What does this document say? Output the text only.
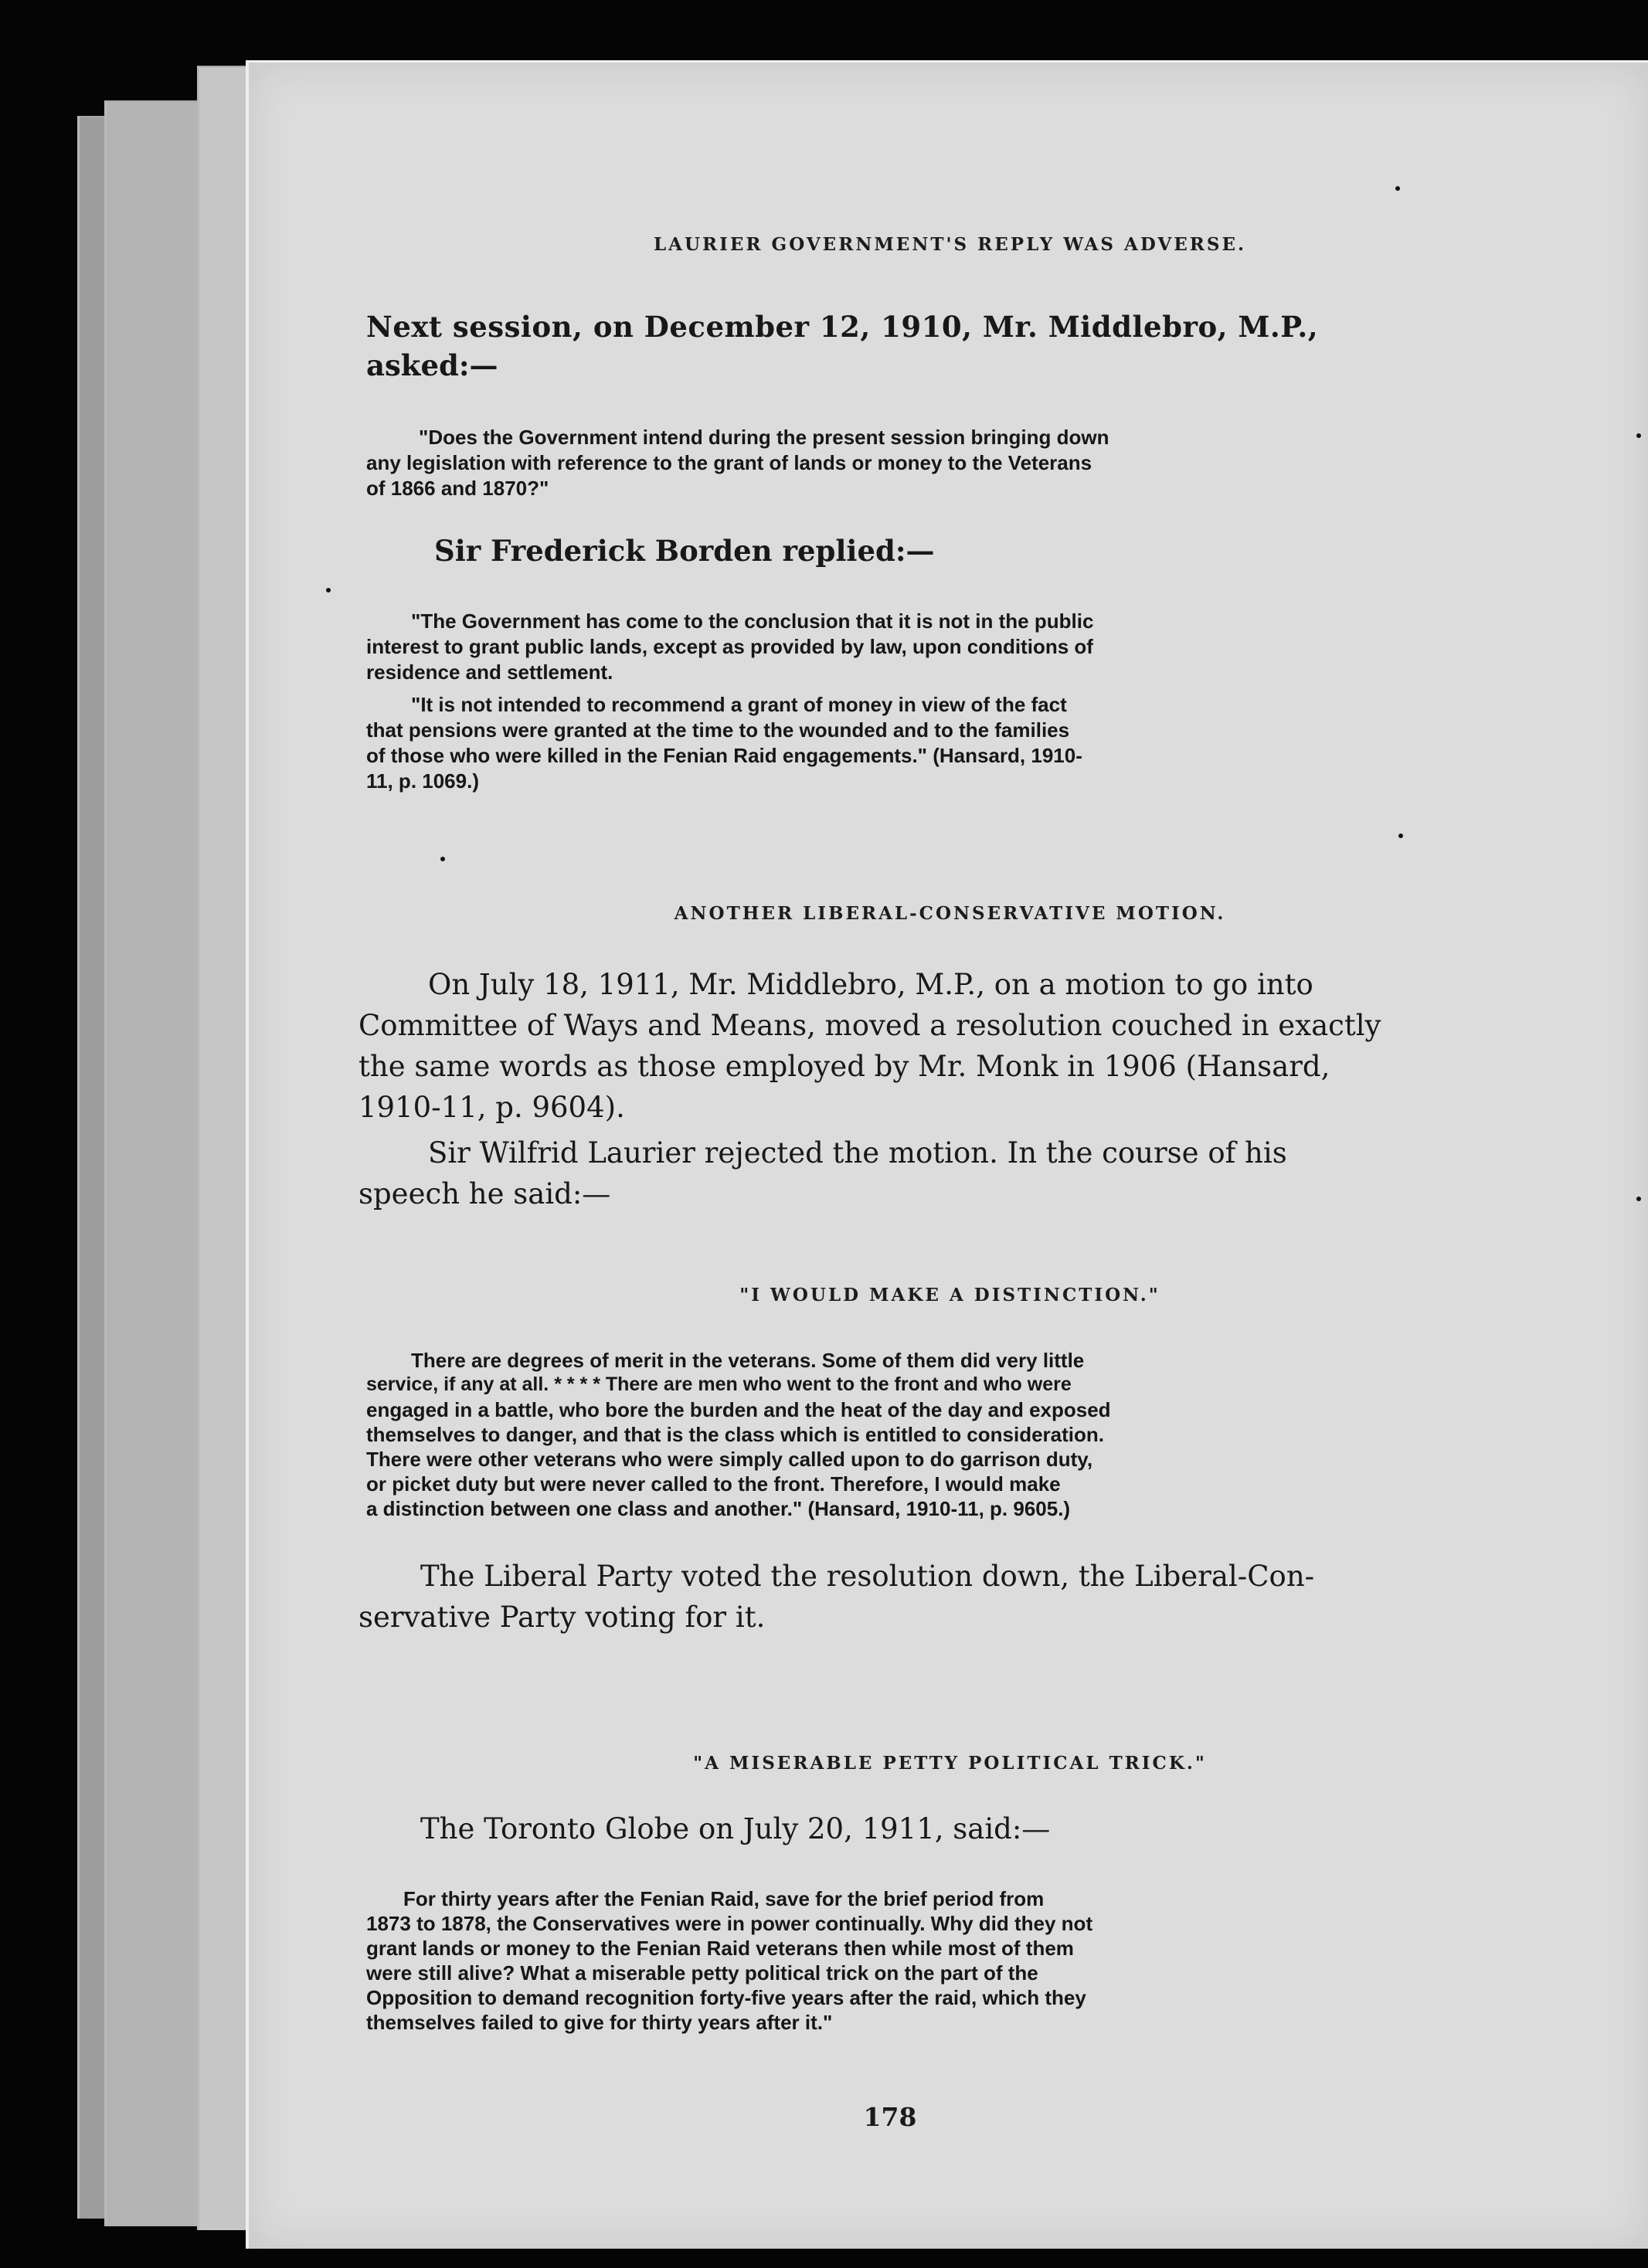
LAURIER GOVERNMENT'S REPLY WAS ADVERSE.
Next session, on December 12, 1910, Mr. Middlebro, M.P.,
asked:—
"Does the Government intend during the present session bringing down
any legislation with reference to the grant of lands or money to the Veterans
of 1866 and 1870?"
Sir Frederick Borden replied:—
"The Government has come to the conclusion that it is not in the public
interest to grant public lands, except as provided by law, upon conditions of
residence and settlement.
"It is not intended to recommend a grant of money in view of the fact
that pensions were granted at the time to the wounded and to the families
of those who were killed in the Fenian Raid engagements." (Hansard, 1910-
11, p. 1069.)
ANOTHER LIBERAL-CONSERVATIVE MOTION.
On July 18, 1911, Mr. Middlebro, M.P., on a motion to go into
Committee of Ways and Means, moved a resolution couched in exactly
the same words as those employed by Mr. Monk in 1906 (Hansard,
1910-11, p. 9604).
Sir Wilfrid Laurier rejected the motion. In the course of his
speech he said:—
"I WOULD MAKE A DISTINCTION."
There are degrees of merit in the veterans. Some of them did very little
service, if any at all. * * * * There are men who went to the front and who were
engaged in a battle, who bore the burden and the heat of the day and exposed
themselves to danger, and that is the class which is entitled to consideration.
There were other veterans who were simply called upon to do garrison duty,
or picket duty but were never called to the front. Therefore, I would make
a distinction between one class and another." (Hansard, 1910-11, p. 9605.)
The Liberal Party voted the resolution down, the Liberal-Con-
servative Party voting for it.
"A MISERABLE PETTY POLITICAL TRICK."
The Toronto Globe on July 20, 1911, said:—
For thirty years after the Fenian Raid, save for the brief period from
1873 to 1878, the Conservatives were in power continually. Why did they not
grant lands or money to the Fenian Raid veterans then while most of them
were still alive? What a miserable petty political trick on the part of the
Opposition to demand recognition forty-five years after the raid, which they
themselves failed to give for thirty years after it."
178
